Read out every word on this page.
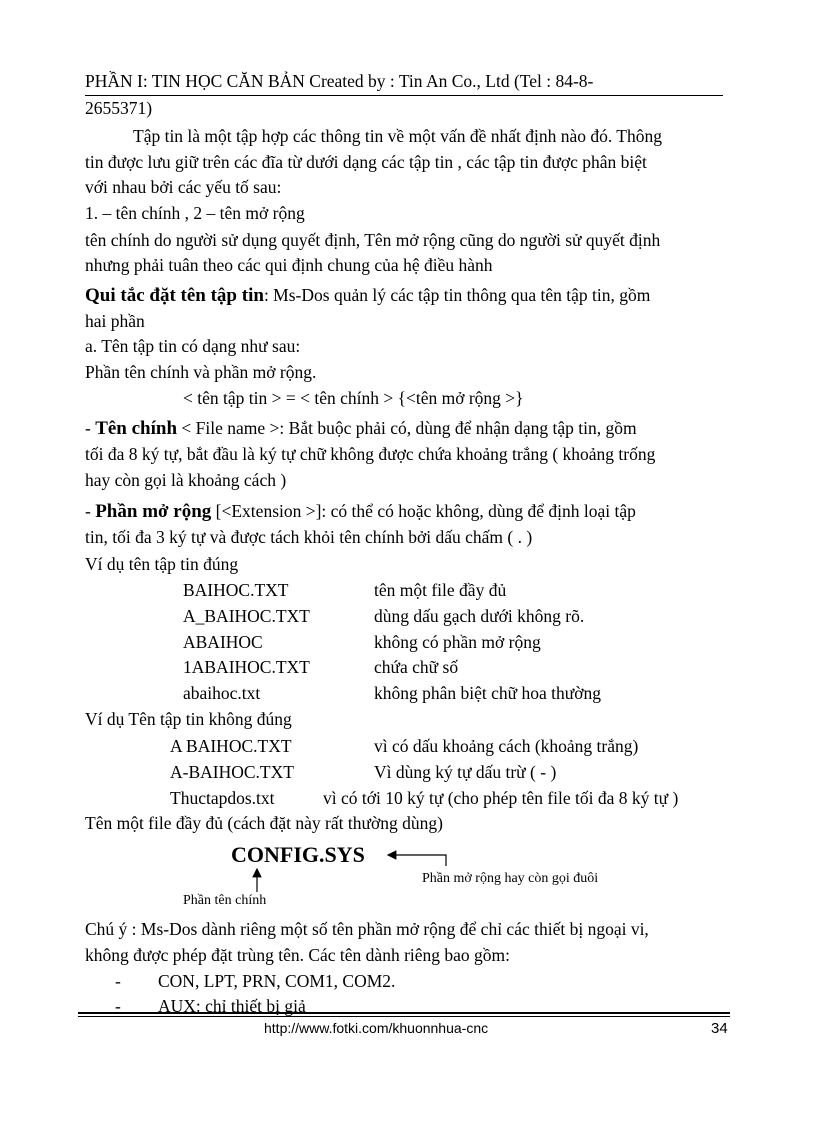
PHẦN I: TIN HỌC CĂN BẢN Created by : Tin An Co., Ltd (Tel : 84-8-
2655371)
Tập tin là một tập hợp các thông tin về một vấn đề nhất định nào đó. Thông
tin được lưu giữ trên các đĩa từ dưới dạng các tập tin , các tập tin được phân biệt
với nhau bởi các yếu tố sau:
1. – tên chính , 2 – tên mở rộng
tên chính do người sử dụng quyết định, Tên mở rộng cũng do người sử quyết định
nhưng phải tuân theo các qui định chung của hệ điều hành
Qui tắc đặt tên tập tin: Ms-Dos quản lý các tập tin thông qua tên tập tin, gồm
hai phần
a. Tên tập tin có dạng như sau:
Phần tên chính và phần mở rộng.
< tên tập tin > = < tên chính > {<tên mở rộng >}
- Tên chính < File name >: Bắt buộc phải có, dùng để nhận dạng tập tin, gồm
tối đa 8 ký tự, bắt đầu là ký tự chữ không được chứa khoảng trắng ( khoảng trống
hay còn gọi là khoảng cách )
- Phần mở rộng [<Extension >]: có thể có hoặc không, dùng để định loại tập
tin, tối đa 3 ký tự và được tách khỏi tên chính bởi dấu chấm ( . )
Ví dụ tên tập tin đúng
BAIHOC.TXT	tên một file đầy đủ
A_BAIHOC.TXT	dùng dấu gạch dưới không rõ.
ABAIHOC	không có phần mở rộng
1ABAIHOC.TXT	chứa chữ số
abaihoc.txt	không phân biệt chữ hoa thường
Ví dụ Tên tập tin không đúng
A BAIHOC.TXT	vì có dấu khoảng cách (khoảng trắng)
A-BAIHOC.TXT	Vì dùng ký tự dấu trừ ( - )
Thuctapdos.txt	vì có tới 10 ký tự (cho phép tên file tối đa 8 ký tự )
Tên một file đầy đủ (cách đặt này rất thường dùng)
CONFIG.SYS
Phần mở rộng hay còn gọi đuôi
Phần tên chính
Chú ý : Ms-Dos dành riêng một số tên phần mở rộng để chỉ các thiết bị ngoại vi,
không được phép đặt trùng tên. Các tên dành riêng bao gồm:
- CON, LPT, PRN, COM1, COM2.
- AUX: chỉ thiết bị giả
http://www.fotki.com/khuonnhua-cnc	34
